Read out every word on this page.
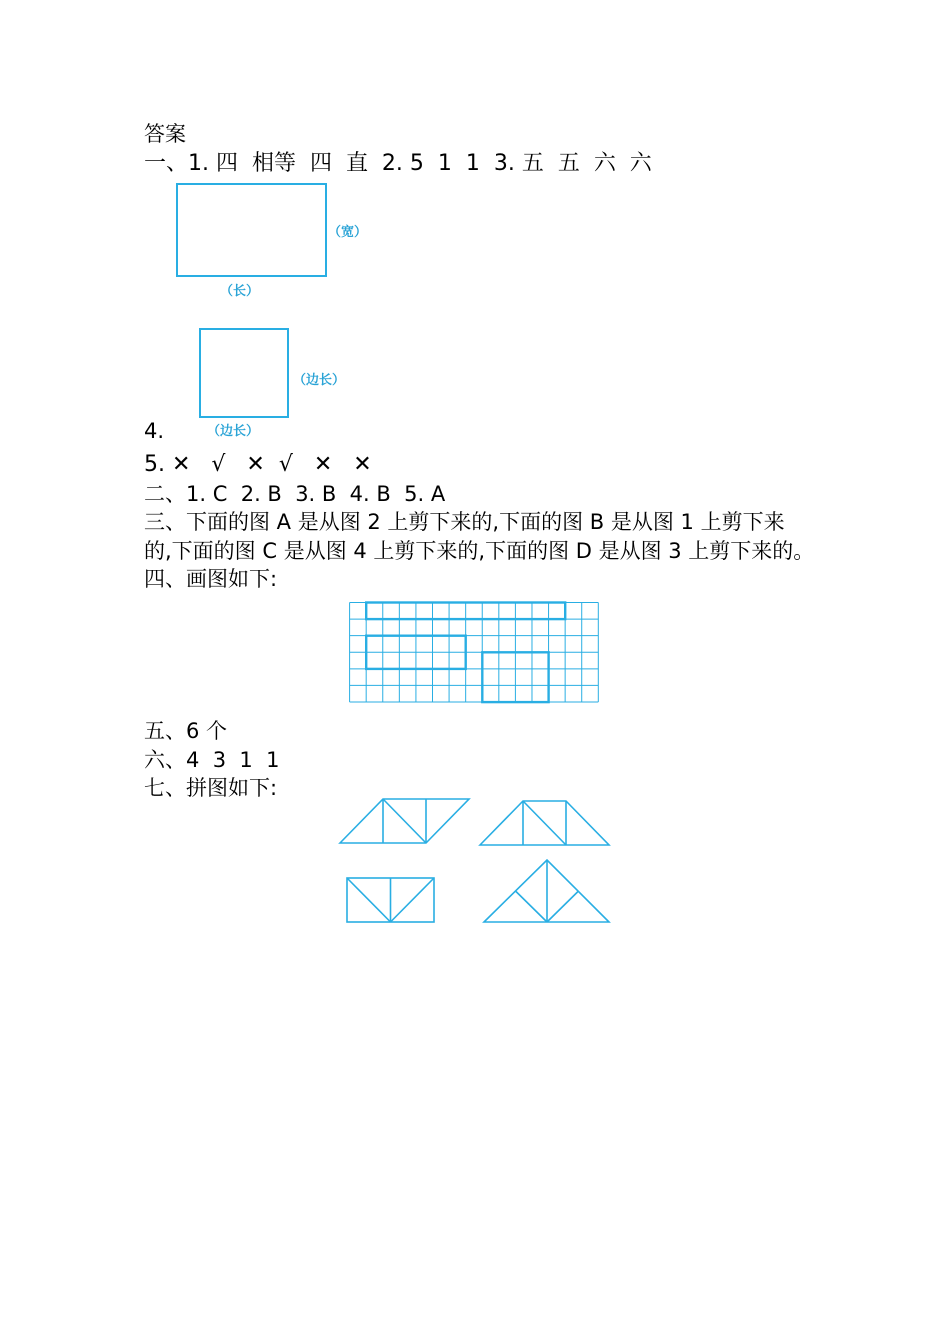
答案
一、1. 四  相等  四  直  2. 5  1  1  3. 五  五  六  六
（宽）
（长）
（边长）
4.	（边长）
5. ✕   √   ✕  √   ✕   ✕
二、1. C  2. B  3. B  4. B  5. A
三、下面的图 A 是从图 2 上剪下来的,下面的图 B 是从图 1 上剪下来
的,下面的图 C 是从图 4 上剪下来的,下面的图 D 是从图 3 上剪下来的。
四、画图如下:
五、6 个
六、4  3  1  1
七、拼图如下:
